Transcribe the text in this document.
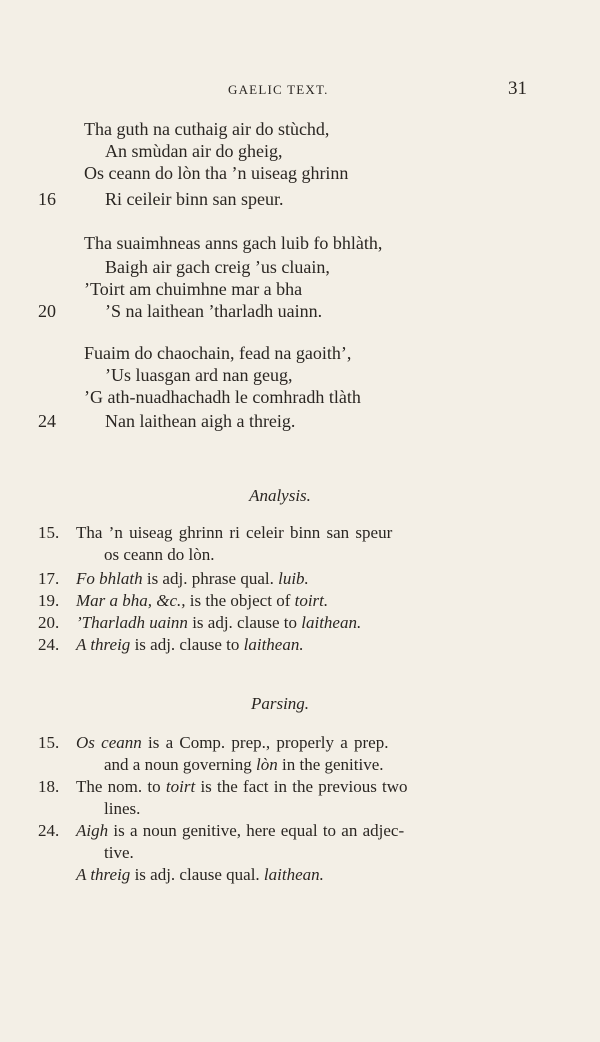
GAELIC TEXT.	31
Tha guth na cuthaig air do stùchd,
An smùdan air do gheig,
Os ceann do lòn tha ’n uiseag ghrinn
16	Ri ceileir binn san speur.
Tha suaimhneas anns gach luib fo bhlàth,
Baigh air gach creig ’us cluain,
’Toirt am chuimhne mar a bha
20	’S na laithean ’tharladh uainn.
Fuaim do chaochain, fead na gaoith’,
’Us luasgan ard nan geug,
’G ath-nuadhachadh le comhradh tlàth
24	Nan laithean aigh a threig.
Analysis.
15. Tha ’n uiseag ghrinn ri celeir binn san speur
os ceann do lòn.
17. Fo bhlath is adj. phrase qual. luib.
19. Mar a bha, &c., is the object of toirt.
20. ’Tharladh uainn is adj. clause to laithean.
24. A threig is adj. clause to laithean.
Parsing.
15. Os ceann is a Comp. prep., properly a prep.
and a noun governing lòn in the genitive.
18. The nom. to toirt is the fact in the previous two
lines.
24. Aigh is a noun genitive, here equal to an adjec-
tive.
A threig is adj. clause qual. laithean.
